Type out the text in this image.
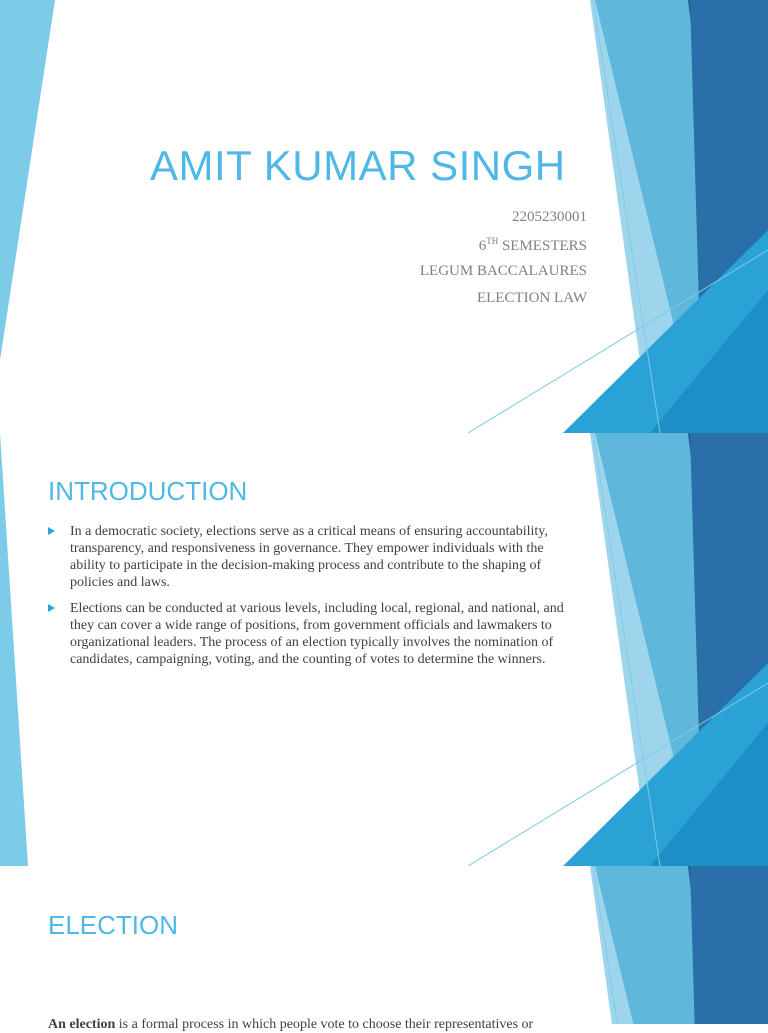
AMIT KUMAR SINGH
2205230001
6TH SEMESTERS
LEGUM BACCALAURES
ELECTION LAW
INTRODUCTION
In a democratic society, elections serve as a critical means of ensuring accountability, transparency, and responsiveness in governance. They empower individuals with the ability to participate in the decision-making process and contribute to the shaping of policies and laws.
Elections can be conducted at various levels, including local, regional, and national, and they can cover a wide range of positions, from government officials and lawmakers to organizational leaders. The process of an election typically involves the nomination of candidates, campaigning, voting, and the counting of votes to determine the winners.
ELECTION
An election is a formal process in which people vote to choose their representatives or
